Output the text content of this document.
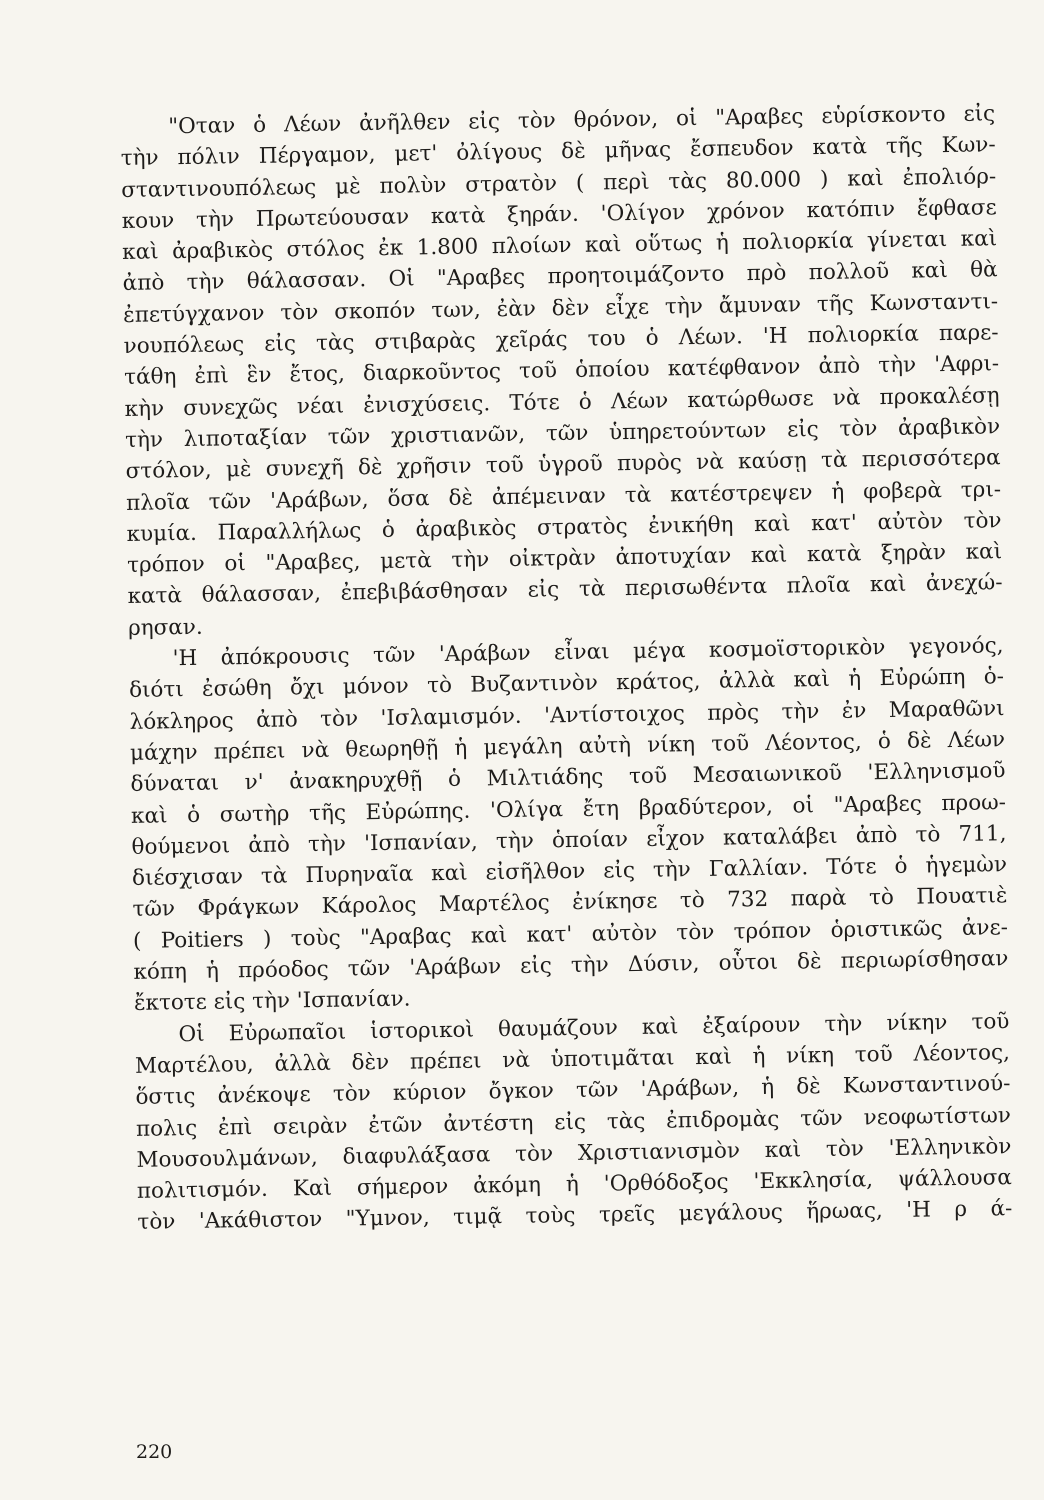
"Οταν ὁ Λέων ἀνῆλθεν εἰς τὸν θρόνον, οἱ "Αραβες εὑρίσκοντο εἰς
τὴν πόλιν Πέργαμον, μετ' ὀλίγους δὲ μῆνας ἔσπευδον κατὰ τῆς Κων-
σταντινουπόλεως μὲ πολὺν στρατὸν ( περὶ τὰς 80.000 ) καὶ ἐπολιόρ-
κουν τὴν Πρωτεύουσαν κατὰ ξηράν. 'Ολίγον χρόνον κατόπιν ἔφθασε
καὶ ἀραβικὸς στόλος ἐκ 1.800 πλοίων καὶ οὕτως ἡ πολιορκία γίνεται καὶ
ἀπὸ τὴν θάλασσαν. Οἱ "Αραβες προητοιμάζοντο πρὸ πολλοῦ καὶ θὰ
ἐπετύγχανον τὸν σκοπόν των, ἐὰν δὲν εἶχε τὴν ἄμυναν τῆς Κωνσταντι-
νουπόλεως εἰς τὰς στιβαρὰς χεῖράς του ὁ Λέων. 'Η πολιορκία παρε-
τάθη ἐπὶ ἓν ἔτος, διαρκοῦντος τοῦ ὁποίου κατέφθανον ἀπὸ τὴν 'Αφρι-
κὴν συνεχῶς νέαι ἐνισχύσεις. Τότε ὁ Λέων κατώρθωσε νὰ προκαλέσῃ
τὴν λιποταξίαν τῶν χριστιανῶν, τῶν ὑπηρετούντων εἰς τὸν ἀραβικὸν
στόλον, μὲ συνεχῆ δὲ χρῆσιν τοῦ ὑγροῦ πυρὸς νὰ καύσῃ τὰ περισσότερα
πλοῖα τῶν 'Αράβων, ὅσα δὲ ἀπέμειναν τὰ κατέστρεψεν ἡ φοβερὰ τρι-
κυμία. Παραλλήλως ὁ ἀραβικὸς στρατὸς ἐνικήθη καὶ κατ' αὐτὸν τὸν
τρόπον οἱ "Αραβες, μετὰ τὴν οἰκτρὰν ἀποτυχίαν καὶ κατὰ ξηρὰν καὶ
κατὰ θάλασσαν, ἐπεβιβάσθησαν εἰς τὰ περισωθέντα πλοῖα καὶ ἀνεχώ-
ρησαν.
'Η ἀπόκρουσις τῶν 'Αράβων εἶναι μέγα κοσμοϊστορικὸν γεγονός,
διότι ἐσώθη ὄχι μόνον τὸ Βυζαντινὸν κράτος, ἀλλὰ καὶ ἡ Εὐρώπη ὁ-
λόκληρος ἀπὸ τὸν 'Ισλαμισμόν. 'Αντίστοιχος πρὸς τὴν ἐν Μαραθῶνι
μάχην πρέπει νὰ θεωρηθῇ ἡ μεγάλη αὐτὴ νίκη τοῦ Λέοντος, ὁ δὲ Λέων
δύναται ν' ἀνακηρυχθῇ ὁ Μιλτιάδης τοῦ Μεσαιωνικοῦ 'Ελληνισμοῦ
καὶ ὁ σωτὴρ τῆς Εὐρώπης. 'Ολίγα ἔτη βραδύτερον, οἱ "Αραβες προω-
θούμενοι ἀπὸ τὴν 'Ισπανίαν, τὴν ὁποίαν εἶχον καταλάβει ἀπὸ τὸ 711,
διέσχισαν τὰ Πυρηναῖα καὶ εἰσῆλθον εἰς τὴν Γαλλίαν. Τότε ὁ ἡγεμὼν
τῶν Φράγκων Κάρολος Μαρτέλος ἐνίκησε τὸ 732 παρὰ τὸ Πουατιὲ
( Poitiers ) τοὺς "Αραβας καὶ κατ' αὐτὸν τὸν τρόπον ὁριστικῶς ἀνε-
κόπη ἡ πρόοδος τῶν 'Αράβων εἰς τὴν Δύσιν, οὗτοι δὲ περιωρίσθησαν
ἔκτοτε εἰς τὴν 'Ισπανίαν.
Οἱ Εὐρωπαῖοι ἱστορικοὶ θαυμάζουν καὶ ἐξαίρουν τὴν νίκην τοῦ
Μαρτέλου, ἀλλὰ δὲν πρέπει νὰ ὑποτιμᾶται καὶ ἡ νίκη τοῦ Λέοντος,
ὅστις ἀνέκοψε τὸν κύριον ὄγκον τῶν 'Αράβων, ἡ δὲ Κωνσταντινού-
πολις ἐπὶ σειρὰν ἐτῶν ἀντέστη εἰς τὰς ἐπιδρομὰς τῶν νεοφωτίστων
Μουσουλμάνων, διαφυλάξασα τὸν Χριστιανισμὸν καὶ τὸν 'Ελληνικὸν
πολιτισμόν. Καὶ σήμερον ἀκόμη ἡ 'Ορθόδοξος 'Εκκλησία, ψάλλουσα
τὸν 'Ακάθιστον "Υμνον, τιμᾷ τοὺς τρεῖς μεγάλους ἥρωας, 'Η ρ ά-
220
